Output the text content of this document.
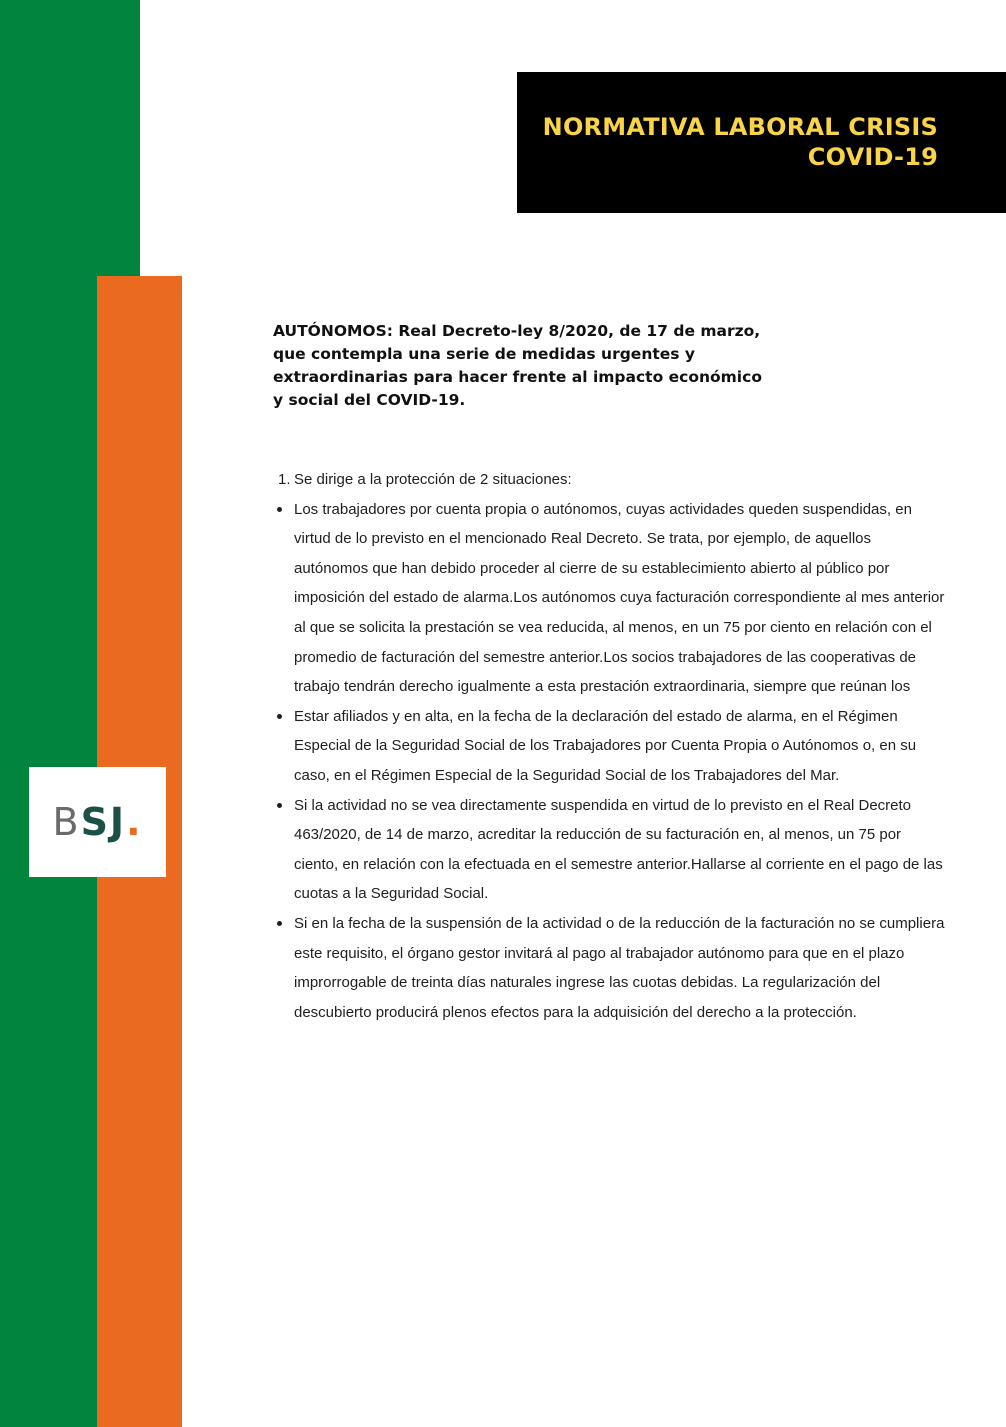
NORMATIVA LABORAL CRISIS
COVID-19
BSJ.
AUTÓNOMOS: Real Decreto-ley 8/2020, de 17 de marzo, que contempla una serie de medidas urgentes y extraordinarias para hacer frente al impacto económico y social del COVID-19.
1. Se dirige a la protección de 2 situaciones:
Los trabajadores por cuenta propia o autónomos, cuyas actividades queden suspendidas, en virtud de lo previsto en el mencionado Real Decreto. Se trata, por ejemplo, de aquellos autónomos que han debido proceder al cierre de su establecimiento abierto al público por imposición del estado de alarma.Los autónomos cuya facturación correspondiente al mes anterior al que se solicita la prestación se vea reducida, al menos, en un 75 por ciento en relación con el promedio de facturación del semestre anterior.Los socios trabajadores de las cooperativas de trabajo tendrán derecho igualmente a esta prestación extraordinaria, siempre que reúnan los
Estar afiliados y en alta, en la fecha de la declaración del estado de alarma, en el Régimen Especial de la Seguridad Social de los Trabajadores por Cuenta Propia o Autónomos o, en su caso, en el Régimen Especial de la Seguridad Social de los Trabajadores del Mar.
Si la actividad no se vea directamente suspendida en virtud de lo previsto en el Real Decreto 463/2020, de 14 de marzo, acreditar la reducción de su facturación en, al menos, un 75 por ciento, en relación con la efectuada en el semestre anterior.Hallarse al corriente en el pago de las cuotas a la Seguridad Social.
Si en la fecha de la suspensión de la actividad o de la reducción de la facturación no se cumpliera este requisito, el órgano gestor invitará al pago al trabajador autónomo para que en el plazo improrrogable de treinta días naturales ingrese las cuotas debidas. La regularización del descubierto producirá plenos efectos para la adquisición del derecho a la protección.
